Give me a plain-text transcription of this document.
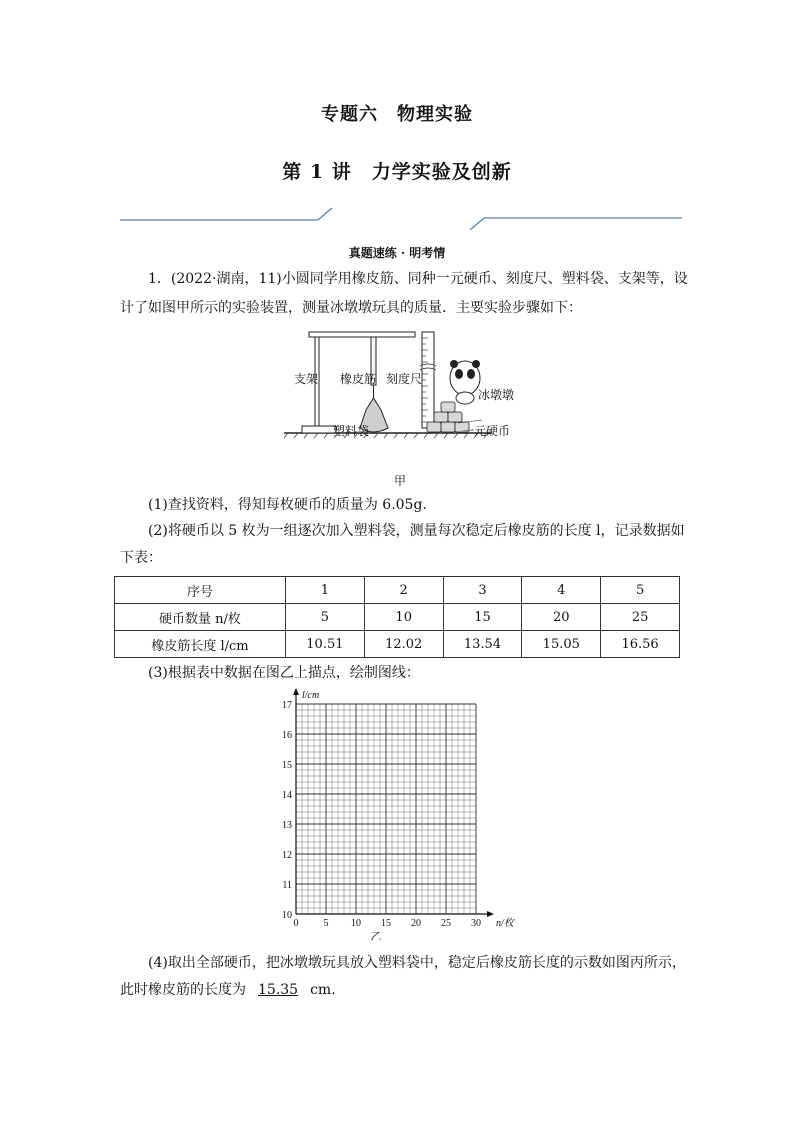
专题六　物理实验
第 1 讲　力学实验及创新
真题速练 · 明考情
1．(2022·湖南，11)小圆同学用橡皮筋、同种一元硬币、刻度尺、塑料袋、支架等，设
计了如图甲所示的实验装置，测量冰墩墩玩具的质量．主要实验步骤如下：
支架 橡皮筋 刻度尺
冰墩墩
塑料袋	一元硬币
甲
(1)查找资料，得知每枚硬币的质量为 6.05g.
(2)将硬币以 5 枚为一组逐次加入塑料袋，测量每次稳定后橡皮筋的长度 l，记录数据如
下表：
序号	1	2	3	4	5
硬币数量 n/枚	5	10	15	20	25
橡皮筋长度 l/cm	10.51	12.02	13.54	15.05	16.56
(3)根据表中数据在图乙上描点，绘制图线：
0	5 10 15 20 25 30
10
11
12
13
14
15
16
17
n/枚
l/cm
乙
(4)取出全部硬币，把冰墩墩玩具放入塑料袋中，稳定后橡皮筋长度的示数如图丙所示，
此时橡皮筋的长度为 15.35 cm.
